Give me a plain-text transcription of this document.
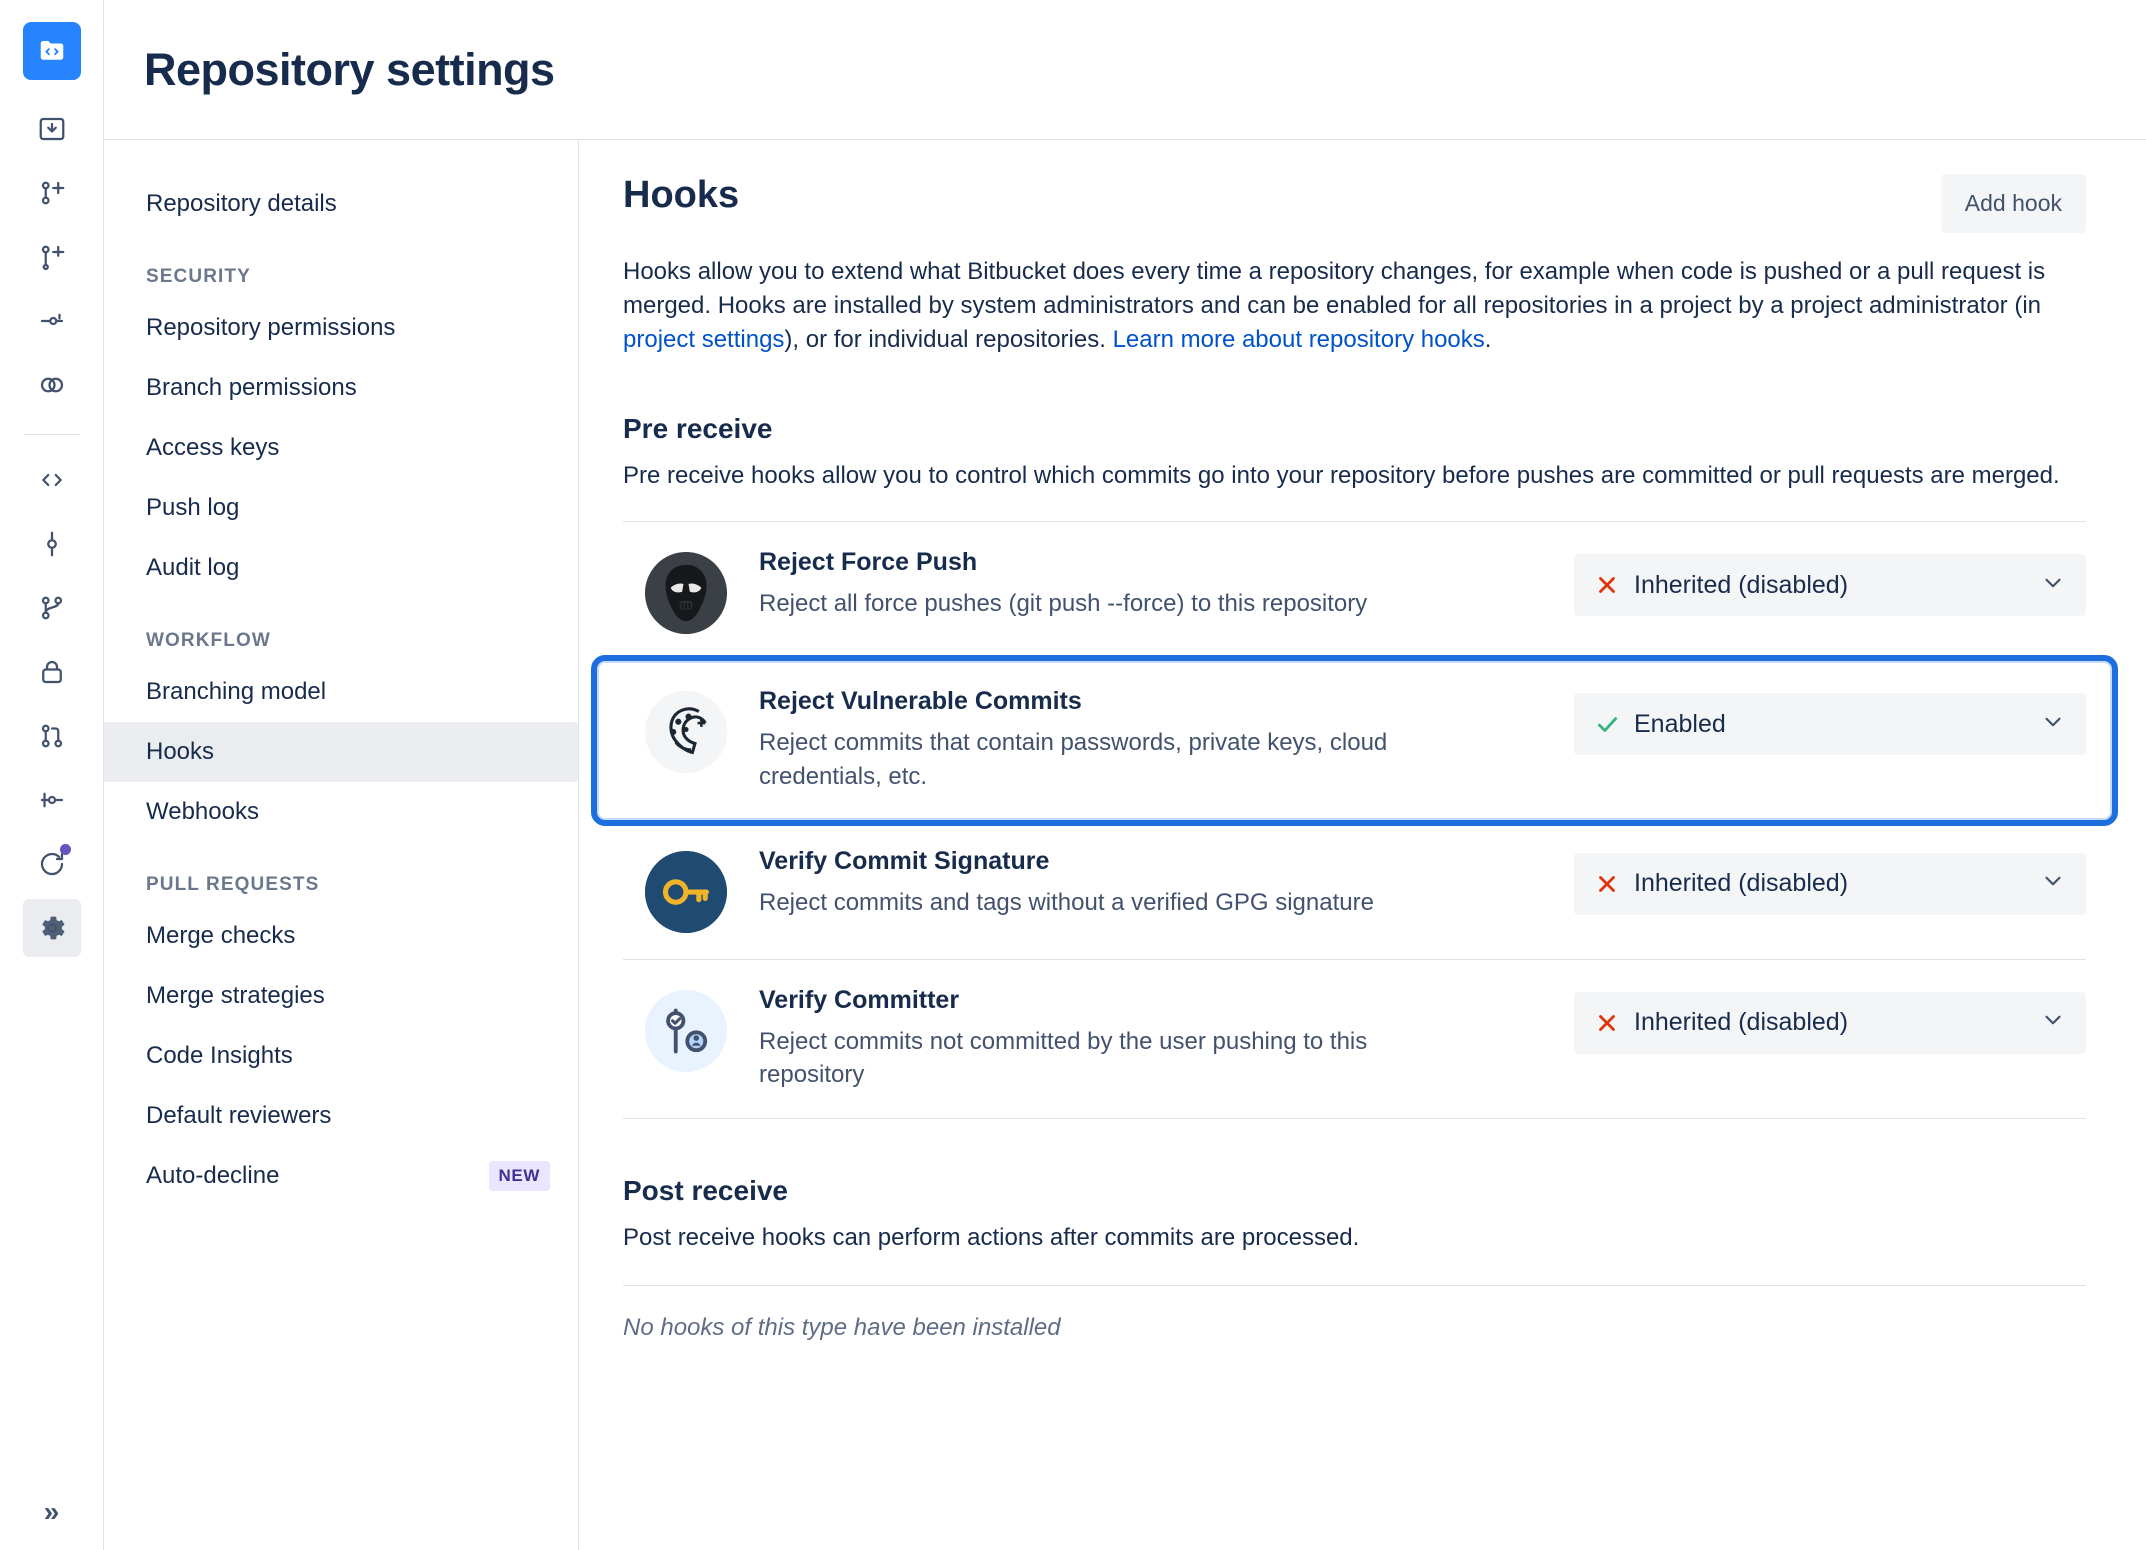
»
Repository settings
Repository details
SECURITY
Repository permissions
Branch permissions
Access keys
Push log
Audit log
WORKFLOW
Branching model
Hooks
Webhooks
PULL REQUESTS
Merge checks
Merge strategies
Code Insights
Default reviewers
Auto-decline	NEW
Hooks	Add hook
Hooks allow you to extend what Bitbucket does every time a repository changes, for example when code is pushed or a pull request is merged. Hooks are installed by system administrators and can be enabled for all repositories in a project by a project administrator (in project settings), or for individual repositories. Learn more about repository hooks.
Pre receive
Pre receive hooks allow you to control which commits go into your repository before pushes are committed or pull requests are merged.
Reject Force Push
Reject all force pushes (git push --force) to this repository
Inherited (disabled)
Reject Vulnerable Commits
Reject commits that contain passwords, private keys, cloud credentials, etc.
Enabled
Verify Commit Signature
Reject commits and tags without a verified GPG signature
Inherited (disabled)
Verify Committer
Reject commits not committed by the user pushing to this repository
Inherited (disabled)
Post receive
Post receive hooks can perform actions after commits are processed.
No hooks of this type have been installed
